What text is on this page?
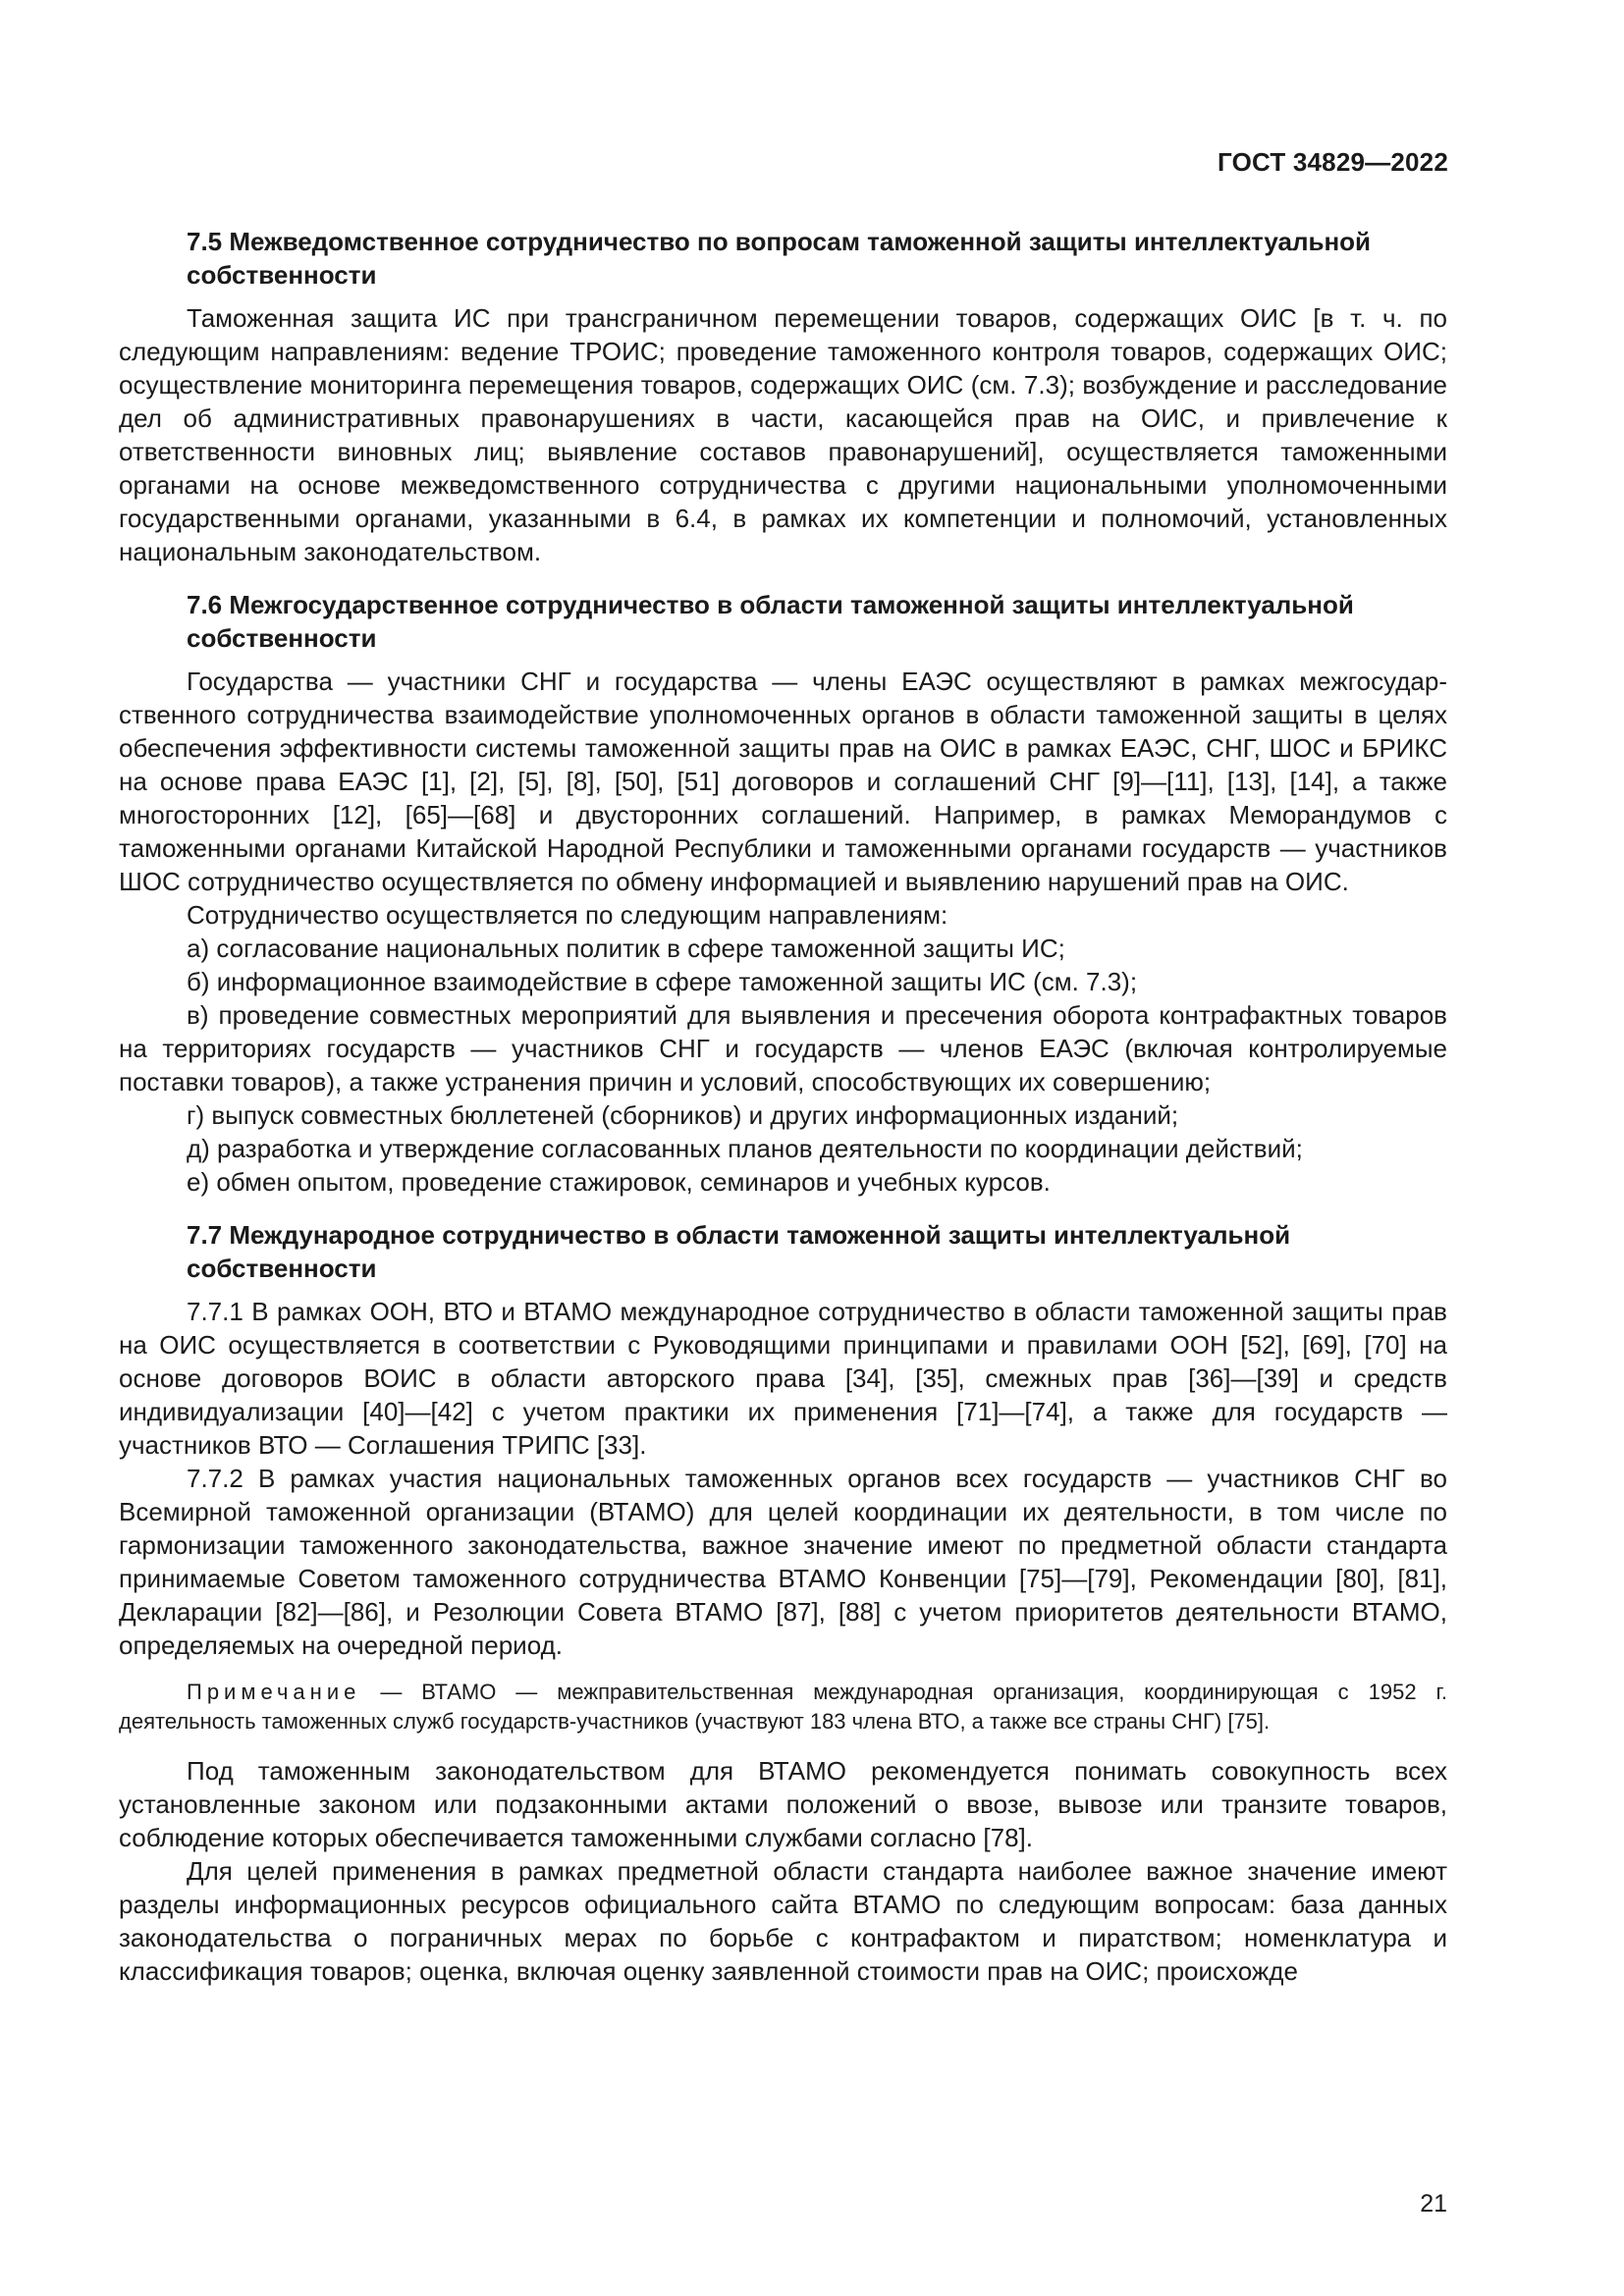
ГОСТ 34829—2022
7.5 Межведомственное сотрудничество по вопросам таможенной защиты интеллектуальной собственности

Таможенная защита ИС при трансграничном перемещении товаров, содержащих ОИС [в т. ч. по следующим направлениям: ведение ТРОИС; проведение таможенного контроля товаров, содержащих ОИС; осуществление мониторинга перемещения товаров, содержащих ОИС (см. 7.3); возбуждение и расследование дел об административных правонарушениях в части, касающейся прав на ОИС, и привлечение к ответственности виновных лиц; выявление составов правонарушений], осуществляется таможенными органами на основе межведомственного сотрудничества с другими национальными уполномоченными государственными органами, указанными в 6.4, в рамках их компетенции и полномочий, установленных национальным законодательством.

7.6 Межгосударственное сотрудничество в области таможенной защиты интеллектуальной собственности

Государства — участники СНГ и государства — члены ЕАЭС осуществляют в рамках межгосударственного сотрудничества взаимодействие уполномоченных органов в области таможенной защиты в целях обеспечения эффективности системы таможенной защиты прав на ОИС в рамках ЕАЭС, СНГ, ШОС и БРИКС на основе права ЕАЭС [1], [2], [5], [8], [50], [51] договоров и соглашений СНГ [9]—[11], [13], [14], а также многосторонних [12], [65]—[68] и двусторонних соглашений. Например, в рамках Меморандумов с таможенными органами Китайской Народной Республики и таможенными органами государств — участников ШОС сотрудничество осуществляется по обмену информацией и выявлению нарушений прав на ОИС.

Сотрудничество осуществляется по следующим направлениям:

а) согласование национальных политик в сфере таможенной защиты ИС;

б) информационное взаимодействие в сфере таможенной защиты ИС (см. 7.3);

в) проведение совместных мероприятий для выявления и пресечения оборота контрафактных товаров на территориях государств — участников СНГ и государств — членов ЕАЭС (включая контролируемые поставки товаров), а также устранения причин и условий, способствующих их совершению;

г) выпуск совместных бюллетеней (сборников) и других информационных изданий;

д) разработка и утверждение согласованных планов деятельности по координации действий;

е) обмен опытом, проведение стажировок, семинаров и учебных курсов.

7.7 Международное сотрудничество в области таможенной защиты интеллектуальной собственности

7.7.1 В рамках ООН, ВТО и ВТАМО международное сотрудничество в области таможенной защиты прав на ОИС осуществляется в соответствии с Руководящими принципами и правилами ООН [52], [69], [70] на основе договоров ВОИС в области авторского права [34], [35], смежных прав [36]—[39] и средств индивидуализации [40]—[42] с учетом практики их применения [71]—[74], а также для государств — участников ВТО — Соглашения ТРИПС [33].

7.7.2 В рамках участия национальных таможенных органов всех государств — участников СНГ во Всемирной таможенной организации (ВТАМО) для целей координации их деятельности, в том числе по гармонизации таможенного законодательства, важное значение имеют по предметной области стандарта принимаемые Советом таможенного сотрудничества ВТАМО Конвенции [75]—[79], Рекомендации [80], [81], Декларации [82]—[86], и Резолюции Совета ВТАМО [87], [88] с учетом приоритетов деятельности ВТАМО, определяемых на очередной период.

Примечание — ВТАМО — межправительственная международная организация, координирующая с 1952 г. деятельность таможенных служб государств-участников (участвуют 183 члена ВТО, а также все страны СНГ) [75].

Под таможенным законодательством для ВТАМО рекомендуется понимать совокупность всех установленные законом или подзаконными актами положений о ввозе, вывозе или транзите товаров, соблюдение которых обеспечивается таможенными службами согласно [78].

Для целей применения в рамках предметной области стандарта наиболее важное значение имеют разделы информационных ресурсов официального сайта ВТАМО по следующим вопросам: база данных законодательства о пограничных мерах по борьбе с контрафактом и пиратством; номенклатура и классификация товаров; оценка, включая оценку заявленной стоимости прав на ОИС; происхожде

21
